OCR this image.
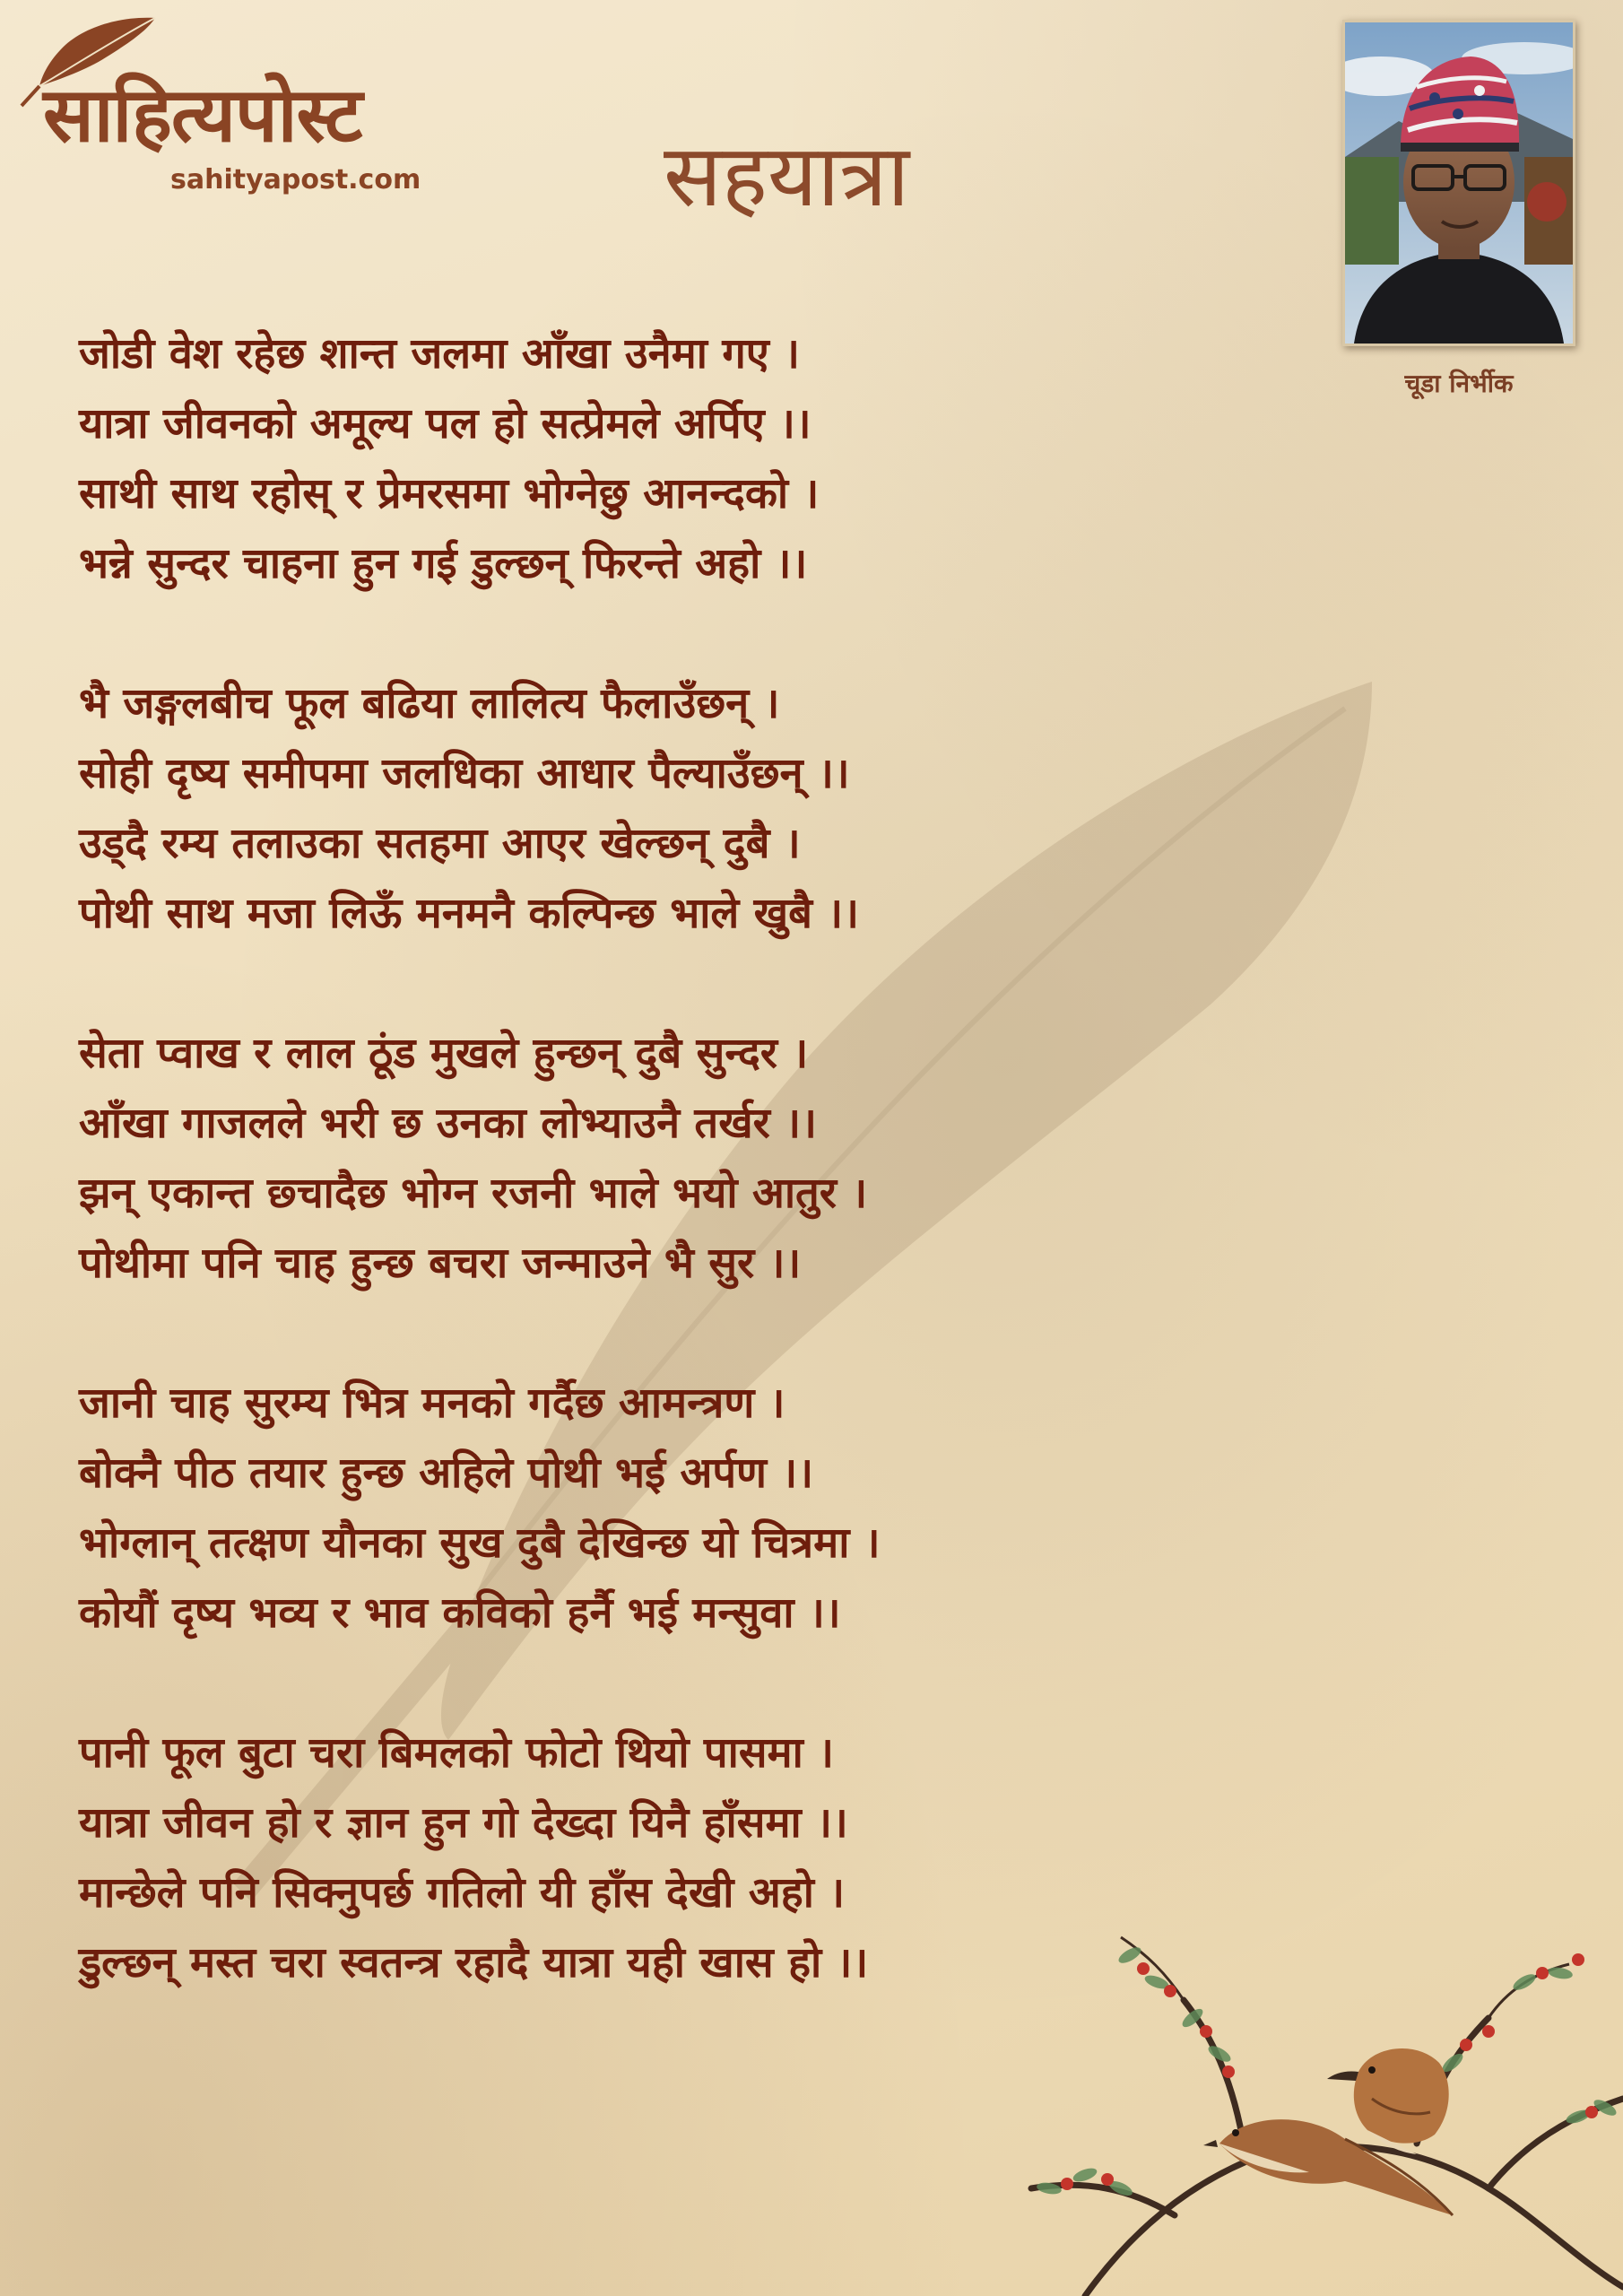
साहित्यपोस्ट
sahityapost.com	सहयात्रा
चूडा निर्भीक
जोडी वेश रहेछ शान्त जलमा आँखा उनैमा गए ।
यात्रा जीवनको अमूल्य पल हो सत्प्रेमले अर्पिए ।।
साथी साथ रहोस् र प्रेमरसमा भोग्नेछु आनन्दको ।
भन्ने सुन्दर चाहना हुन गई डुल्छन् फिरन्ते अहो ।।
भै जङ्गलबीच फूल बढिया लालित्य फैलाउँछन् ।
सोही दृष्य समीपमा जलधिका आधार पैल्याउँछन् ।।
उड्दै रम्य तलाउका सतहमा आएर खेल्छन् दुबै ।
पोथी साथ मजा लिऊँ मनमनै कल्पिन्छ भाले खुबै ।।
सेता प्वाख र लाल ठूंड मुखले हुन्छन् दुबै सुन्दर ।
आँखा गाजलले भरी छ उनका लोभ्याउनै तर्खर ।।
झन् एकान्त छ्चादैछ भोग्न रजनी भाले भयो आतुर ।
पोथीमा पनि चाह हुन्छ बचरा जन्माउने भै सुर ।।
जानी चाह सुरम्य भित्र मनको गर्दैछ आमन्त्रण ।
बोक्नै पीठ तयार हुन्छ अहिले पोथी भई अर्पण ।।
भोग्लान् तत्क्षण यौनका सुख दुबै देखिन्छ यो चित्रमा ।
कोयौं दृष्य भव्य र भाव कविको हर्नै भई मन्सुवा ।।
पानी फूल बुटा चरा बिमलको फोटो थियो पासमा ।
यात्रा जीवन हो र ज्ञान हुन गो देख्दा यिनै हाँसमा ।।
मान्छेले पनि सिक्नुपर्छ गतिलो यी हाँस देखी अहो ।
डुल्छन् मस्त चरा स्वतन्त्र रहादै यात्रा यही खास हो ।।
